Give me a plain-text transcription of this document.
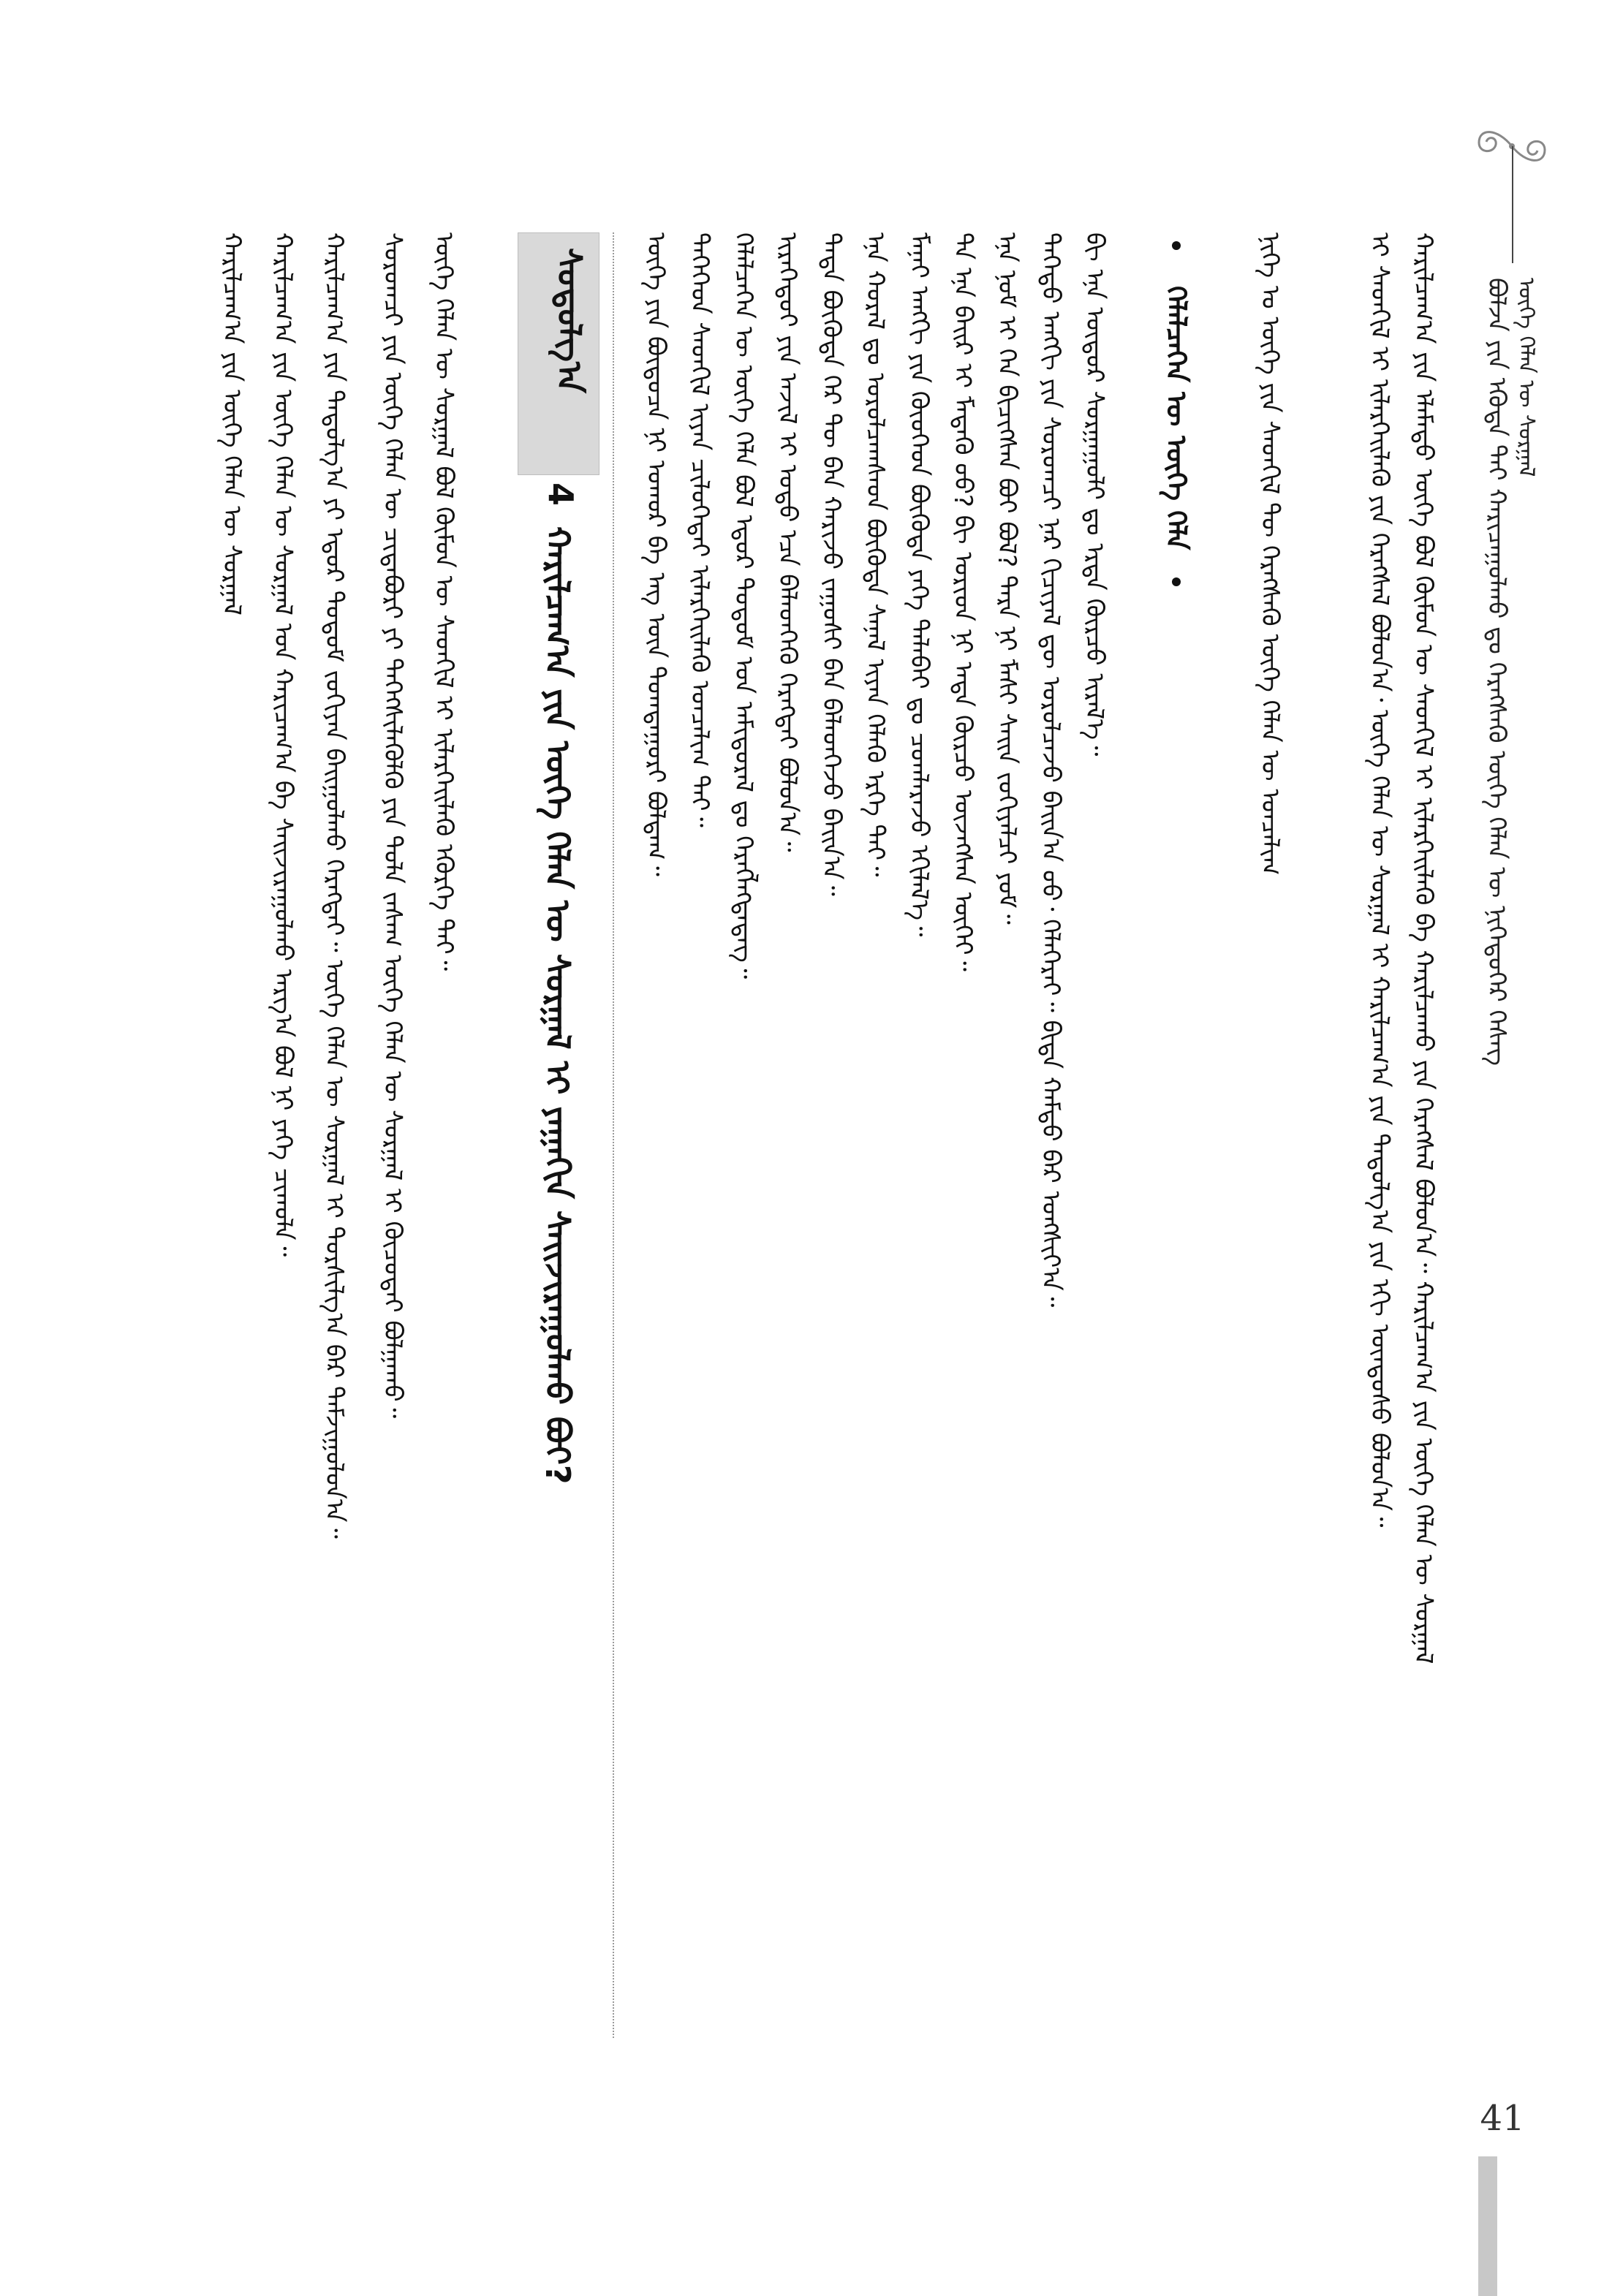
ᠪᠣᠯᠵᠠ ᠶᠢᠨ ᠡᠭᠦᠳᠡ ᠲᠡᠢ ᠬᠠᠷᠢᠴᠠᠭᠤᠯᠬᠤ ᠳᠤ ᠬᠡᠷᠡᠭᠰᠡᠬᠦ ᠦᠭᠡ ᠬᠡᠯᠡᠨ ᠦ ᠨᠢᠭᠡᠳᠦᠭᠡᠷ ᠬᠡᠰᠡᠭ ᠦᠭᠡ ᠬᠡᠯᠡᠨ ᠦ ᠰᠤᠷᠭᠠᠯ
ᠬᠠᠷᠢᠯᠴᠠᠭ᠎ᠠ ᠶᠢᠨ ᠡᠯᠡᠮᠡᠲᠦ ᠦᠭᠡ ᠪᠣᠯ ᠬᠦᠮᠦᠨ ᠦ ᠰᠡᠳᠬᠢᠯ ᠢ ᠢᠯᠡᠷᠬᠡᠢᠯᠡᠬᠦ ᠪᠠ ᠬᠠᠷᠢᠯᠴᠠᠬᠤ ᠶᠢᠨ ᠬᠡᠷᠡᠭᠰᠡᠯ ᠪᠣᠯᠤᠨ᠎ᠠ᠃ ᠬᠠᠷᠢᠯᠴᠠᠭ᠎ᠠ ᠶᠢᠨ ᠦᠭᠡ ᠬᠡᠯᠡᠨ ᠦ ᠰᠤᠷᠭᠠᠯ
ᠢ ᠰᠡᠳᠬᠢᠯ ᠢ ᠢᠯᠡᠷᠬᠡᠢᠯᠡᠬᠦ ᠶᠢᠨ ᠬᠡᠷᠡᠭᠰᠡᠯ ᠪᠣᠯᠤᠨ᠎ᠠ᠂ ᠦᠭᠡ ᠬᠡᠯᠡᠨ ᠦ ᠰᠤᠷᠭᠠᠯ ᠢ ᠬᠠᠷᠢᠯᠴᠠᠭ᠎ᠠ ᠶᠢᠨ ᠳᠠᠳᠤᠯᠭ᠎ᠠ ᠶᠢᠨ ᠡᠬᠢ ᠦᠨᠳᠦᠰᠦ ᠪᠣᠯᠤᠨ᠎ᠠ᠃
ᠨᠢᠭᠡ ᠤ ᠦᠭᠡ ᠶᠢᠨ ᠰᠡᠳᠬᠢᠯ ᠲᠦ ᠬᠡᠷᠡᠭᠰᠡᠬᠦ ᠦᠭᠡ ᠬᠡᠯᠡᠨ ᠦ ᠣᠨᠴᠠᠯᠢᠭ
ᠬᠡᠯᠡᠯᠴᠡᠭᠡᠨ ᠦ ᠦᠭᠡ ᠬᠡᠯᠡ
ᠪᠢ ᠡᠨᠡ ᠦᠳᠦᠷ ᠰᠤᠷᠭᠠᠭᠤᠯᠢ ᠳᠤ ᠡᠷᠲᠡ ᠬᠦᠷᠴᠦ ᠢᠷᠡᠯ᠎ᠡ᠃
ᠳᠡᠭᠡᠳᠦ ᠠᠩᠭᠢ ᠶᠢᠨ ᠰᠤᠷᠤᠭᠴᠢ ᠨᠠᠷ ᠬᠢᠴᠢᠶᠡᠯ ᠳᠦ ᠣᠷᠣᠯᠴᠠᠵᠤ ᠪᠠᠢᠨ᠎ᠠ ᠤᠤ᠂ ᠬᠡᠯᠡᠭᠡᠷᠡᠢ᠃ ᠪᠢᠳᠡ ᠬᠠᠮᠲᠤ ᠪᠡᠷ ᠤᠩᠰᠢᠶ᠎ᠠ᠃
ᠡᠨᠡ ᠨᠣᠮ ᠢ ᠬᠡᠨ ᠪᠢᠴᠢᠭᠰᠡᠨ ᠪᠤᠢ ᠪᠣᠯ? ᠲᠡᠷᠡ ᠨᠢ ᠮᠠᠰᠢ ᠰᠠᠢᠨ ᠵᠣᠬᠢᠶᠠᠯᠴᠢ ᠶᠤᠮ᠃
ᠲᠠ ᠡᠨᠡ ᠪᠠᠢᠷ ᠢ ᠮᠡᠳᠡᠬᠦ ᠦᠦ? ᠪᠢ ᠤᠷᠢᠳ ᠨᠢ ᠡᠨᠳᠡ ᠬᠦᠷᠴᠦ ᠦᠵᠡᠭᠰᠡᠨ ᠦᠭᠡᠢ᠃
ᠮᠠᠨᠠᠢ ᠠᠩᠭᠢ ᠶᠢᠨ ᠬᠦᠦᠬᠡᠳ ᠪᠦᠭᠦᠳᠡ ᠶᠡᠬᠡ ᠲᠠᠯᠠᠪᠠᠢ ᠳᠤ ᠴᠤᠭᠯᠠᠷᠠᠵᠤ ᠡᠬᠢᠯᠡᠯ᠎ᠡ᠃
ᠡᠨᠡ ᠬᠤᠷᠠᠯ ᠳᠤ ᠣᠷᠣᠯᠴᠠᠭᠰᠠᠳ ᠪᠦᠭᠦᠳᠡ ᠰᠠᠨᠠᠯ ᠢᠶᠡᠨ ᠬᠡᠯᠡᠬᠦ ᠡᠷᠬᠡ ᠲᠡᠢ᠃
ᠲᠡᠳᠡ ᠪᠦᠭᠦᠳᠡ ᠭᠡᠷ ᠲᠦ ᠪᠠᠨ ᠬᠠᠷᠢᠵᠤ ᠵᠠᠭᠤᠰᠢ ᠪᠠᠨ ᠪᠡᠯᠡᠳᠬᠡᠵᠦ ᠪᠠᠢᠨ᠎ᠠ᠃
ᠢᠷᠡᠭᠡᠳᠦᠢ ᠶᠢᠨ ᠠᠵᠢᠯ ᠢ ᠣᠳᠣ ᠡᠴᠡ ᠪᠡᠯᠡᠳᠬᠡᠬᠦ ᠬᠡᠷᠡᠭᠲᠡᠢ ᠪᠣᠯᠤᠨ᠎ᠠ᠃
ᠬᠡᠯᠡᠯᠴᠡᠭᠡᠨ ᠦ ᠦᠭᠡ ᠬᠡᠯᠡ ᠪᠣᠯ ᠡᠳᠦᠷ ᠲᠤᠲᠤᠮ ᠤᠨ ᠠᠮᠢᠳᠤᠷᠠᠯ ᠳᠤ ᠬᠡᠷᠡᠭᠯᠡᠭᠳᠡᠳᠡᠭ᠃
ᠲᠡᠭᠡᠭᠡᠳ ᠰᠡᠳᠬᠢᠯ ᠢᠶᠡᠨ ᠴᠢᠯᠦᠭᠡᠲᠡᠢ ᠢᠯᠡᠷᠬᠡᠢᠯᠡᠬᠦ ᠣᠨᠴᠠᠯᠢᠭ ᠲᠠᠢ᠃
ᠦᠭᠡ ᠶᠢᠨ ᠪᠦᠲᠦᠴᠡ ᠨᠢ ᠤᠬᠤᠷ ᠪᠠ ᠡᠩ ᠦᠨ ᠲᠣᠭᠲᠠᠭᠤᠷᠢ ᠪᠣᠯᠳᠠᠭ᠃
ᠰᠣᠳᠤᠯᠭ᠎ᠠ
4
ᠬᠠᠷᠢᠯᠴᠠᠭ᠎ᠠ ᠶᠢᠨ ᠦᠭᠡ ᠬᠡᠯᠡᠨ ᠦ ᠰᠤᠷᠭᠠᠯ ᠢ ᠶᠠᠭᠠᠬᠢᠨ ᠰᠠᠢᠵᠢᠷᠠᠭᠤᠯᠬᠤ ᠪᠤᠢ?
ᠦᠭᠡ ᠬᠡᠯᠡᠨ ᠦ ᠰᠤᠷᠭᠠᠯ ᠪᠣᠯ ᠬᠦᠮᠦᠨ ᠦ ᠰᠡᠳᠬᠢᠯ ᠢ ᠢᠯᠡᠷᠬᠡᠢᠯᠡᠬᠦ ᠡᠭᠦᠷᠭᠡ ᠲᠡᠢ᠃
ᠰᠤᠷᠤᠭᠴᠢ ᠶᠢᠨ ᠦᠭᠡ ᠬᠡᠯᠡᠨ ᠦ ᠴᠢᠳᠠᠪᠤᠷᠢ ᠶᠢ ᠳᠡᠭᠡᠭᠰᠢᠯᠡᠭᠦᠯᠬᠦ ᠶᠢᠨ ᠲᠤᠯᠠ ᠵᠠᠰᠠᠭ ᠦᠭᠡ ᠬᠡᠯᠡᠨ ᠦ ᠰᠤᠷᠭᠠᠯ ᠢ ᠬᠦᠴᠦᠲᠡᠢ ᠪᠣᠯᠭᠠᠬᠤ᠃
ᠬᠠᠷᠢᠯᠴᠠᠭ᠎ᠠ ᠶᠢᠨ ᠳᠠᠳᠤᠯᠭ᠎ᠠ ᠶᠢ ᠡᠳᠦᠷ ᠲᠤᠲᠤᠮ ᠵᠣᠬᠢᠶᠠᠨ ᠪᠠᠢᠭᠤᠯᠬᠤ ᠬᠡᠷᠡᠭᠲᠡᠢ᠃ ᠦᠭᠡ ᠬᠡᠯᠡᠨ ᠦ ᠰᠤᠷᠭᠠᠯ ᠢ ᠲᠤᠷᠰᠢᠯᠭ᠎ᠠ ᠪᠠᠷ ᠳᠠᠮᠵᠢᠭᠤᠯᠤᠨ᠎ᠠ᠃
ᠬᠠᠷᠢᠯᠴᠠᠭ᠎ᠠ ᠶᠢᠨ ᠦᠭᠡ ᠬᠡᠯᠡᠨ ᠦ ᠰᠤᠷᠭᠠᠯ ᠤᠨ ᠬᠠᠷᠢᠴᠠᠭ᠎ᠠ ᠪᠠ ᠰᠠᠢᠵᠢᠷᠠᠭᠤᠯᠬᠤ ᠠᠷᠭ᠎ᠠ ᠪᠣᠯ ᠨᠢ ᠶᠡᠬᠡ ᠴᠢᠬᠤᠯᠠ᠃
ᠬᠠᠷᠢᠯᠴᠠᠭ᠎ᠠ ᠶᠢᠨ ᠦᠭᠡ ᠬᠡᠯᠡᠨ ᠦ ᠰᠤᠷᠭᠠᠯ
41
